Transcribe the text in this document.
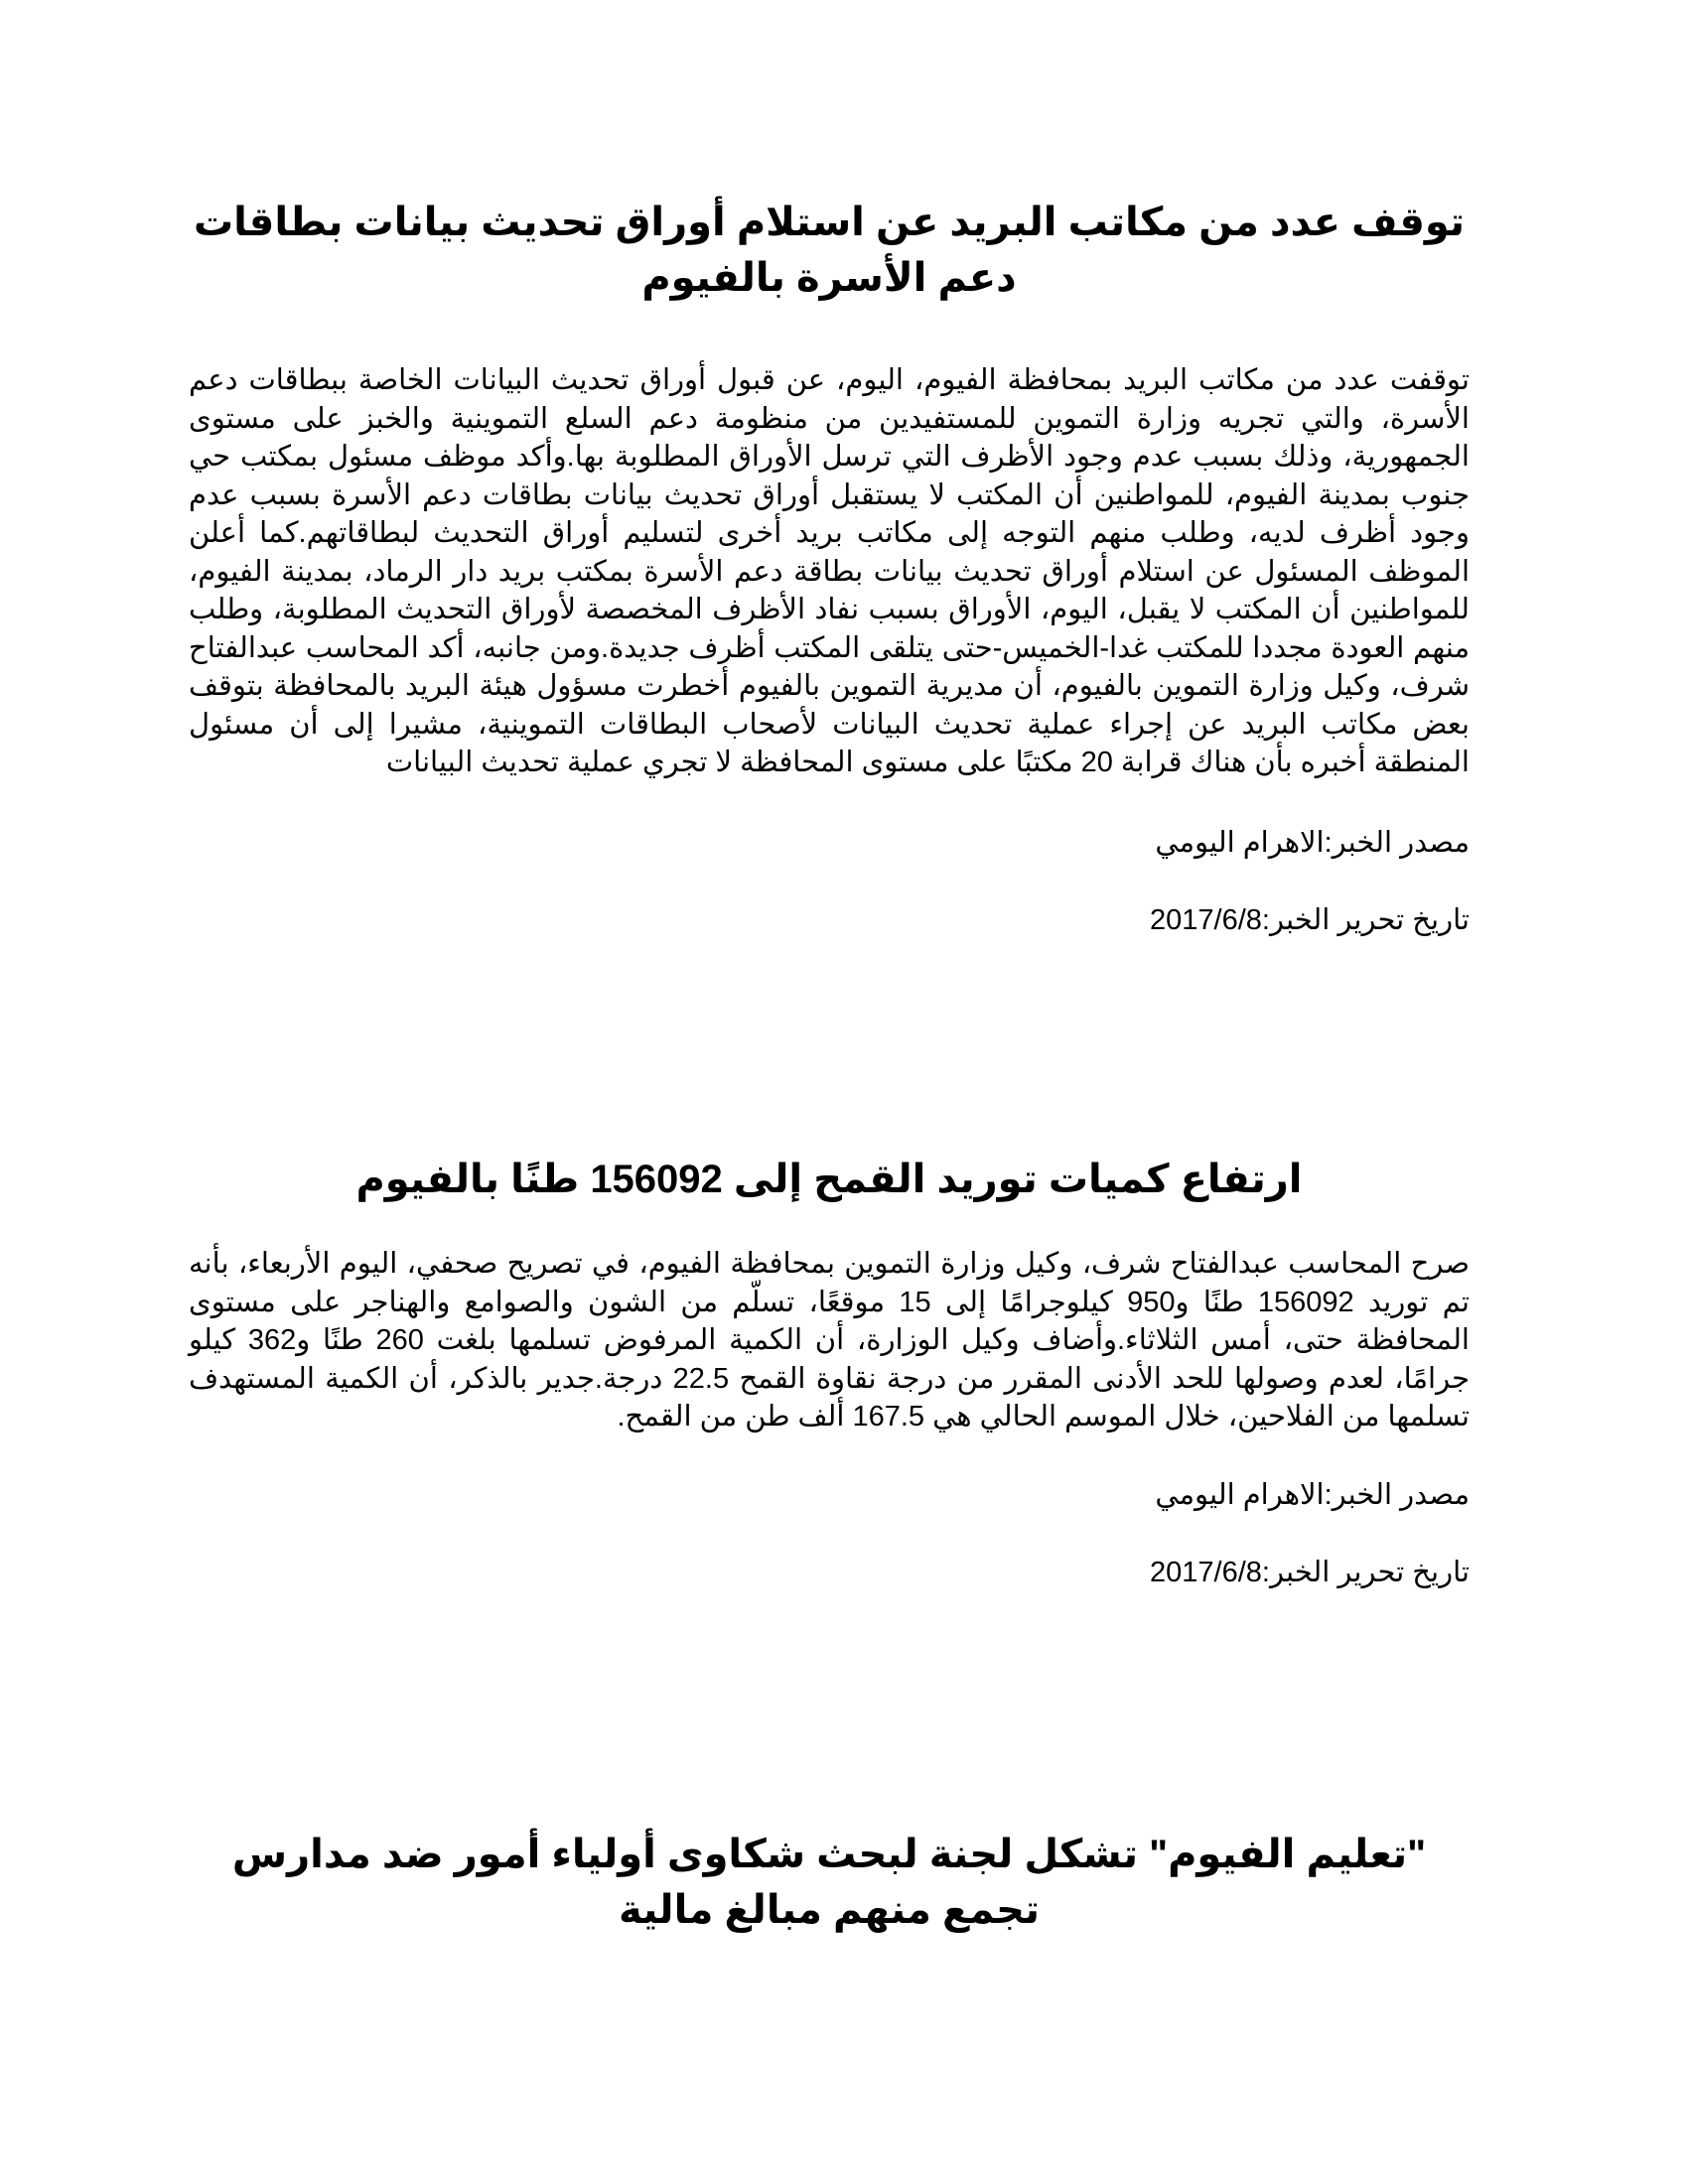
توقف عدد من مكاتب البريد عن استلام أوراق تحديث بيانات بطاقات دعم الأسرة بالفيوم

توقفت عدد من مكاتب البريد بمحافظة الفيوم، اليوم، عن قبول أوراق تحديث البيانات الخاصة ببطاقات دعم الأسرة، والتي تجريه وزارة التموين للمستفيدين من منظومة دعم السلع التموينية والخبز على مستوى الجمهورية، وذلك بسبب عدم وجود الأظرف التي ترسل الأوراق المطلوبة بها.وأكد موظف مسئول بمكتب حي جنوب بمدينة الفيوم، للمواطنين أن المكتب لا يستقبل أوراق تحديث بيانات بطاقات دعم الأسرة بسبب عدم وجود أظرف لديه، وطلب منهم التوجه إلى مكاتب بريد أخرى لتسليم أوراق التحديث لبطاقاتهم.كما أعلن الموظف المسئول عن استلام أوراق تحديث بيانات بطاقة دعم الأسرة بمكتب بريد دار الرماد، بمدينة الفيوم، للمواطنين أن المكتب لا يقبل، اليوم، الأوراق بسبب نفاد الأظرف المخصصة لأوراق التحديث المطلوبة، وطلب منهم العودة مجددا للمكتب غدا-الخميس-حتى يتلقى المكتب أظرف جديدة.ومن جانبه، أكد المحاسب عبدالفتاح شرف، وكيل وزارة التموين بالفيوم، أن مديرية التموين بالفيوم أخطرت مسؤول هيئة البريد بالمحافظة بتوقف بعض مكاتب البريد عن إجراء عملية تحديث البيانات لأصحاب البطاقات التموينية، مشيرا إلى أن مسئول المنطقة أخبره بأن هناك قرابة 20 مكتبًا على مستوى المحافظة لا تجري عملية تحديث البيانات

مصدر الخبر:الاهرام اليومي

تاريخ تحرير الخبر:2017/6/8

ارتفاع كميات توريد القمح إلى 156092 طنًا بالفيوم

صرح المحاسب عبدالفتاح شرف، وكيل وزارة التموين بمحافظة الفيوم، في تصريح صحفي، اليوم الأربعاء، بأنه تم توريد 156092 طنًا و950 كيلوجرامًا إلى 15 موقعًا، تسلّم من الشون والصوامع والهناجر على مستوى المحافظة حتى، أمس الثلاثاء.وأضاف وكيل الوزارة، أن الكمية المرفوض تسلمها بلغت 260 طنًا و362 كيلو جرامًا، لعدم وصولها للحد الأدنى المقرر من درجة نقاوة القمح 22.5 درجة.جدير بالذكر، أن الكمية المستهدف تسلمها من الفلاحين، خلال الموسم الحالي هي 167.5 ألف طن من القمح.

مصدر الخبر:الاهرام اليومي

تاريخ تحرير الخبر:2017/6/8

"تعليم الفيوم" تشكل لجنة لبحث شكاوى أولياء أمور ضد مدارس تجمع منهم مبالغ مالية
